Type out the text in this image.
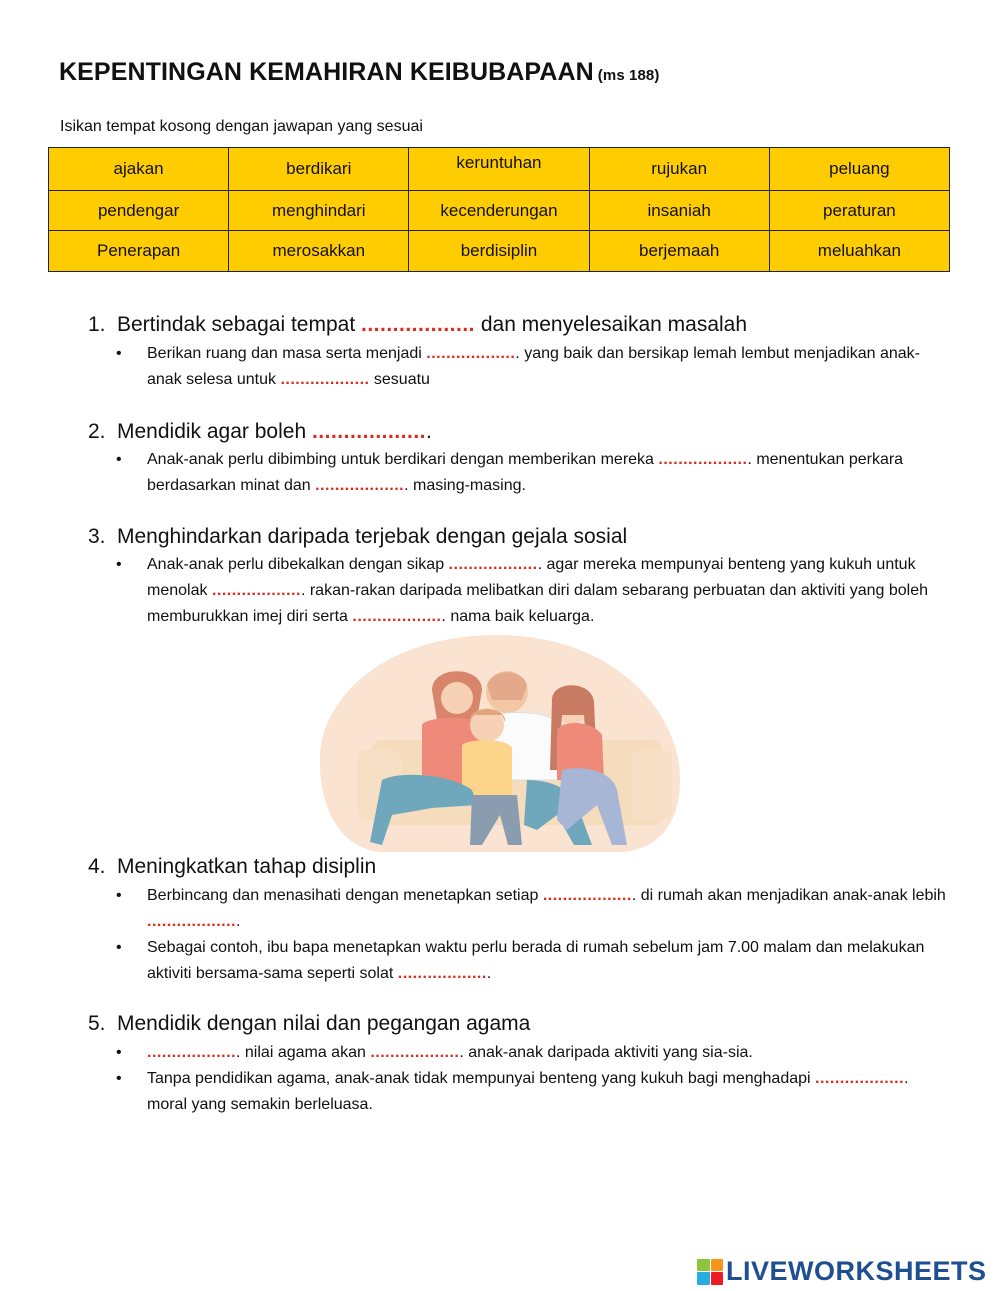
KEPENTINGAN KEMAHIRAN KEIBUBAPAAN (ms 188)
Isikan tempat kosong dengan jawapan yang sesuai
ajakan	berdikari	keruntuhan	rujukan	peluang
pendengar	menghindari	kecenderungan	insaniah	peraturan
Penerapan	merosakkan	berdisiplin	berjemaah	meluahkan
1. Bertindak sebagai tempat .................. dan menyelesaikan masalah
• Berikan ruang dan masa serta menjadi ................... yang baik dan bersikap lemah lembut menjadikan anak-anak selesa untuk .................. sesuatu
2. Mendidik agar boleh ...................
• Anak-anak perlu dibimbing untuk berdikari dengan memberikan mereka ................... menentukan perkara berdasarkan minat dan ................... masing-masing.
3. Menghindarkan daripada terjebak dengan gejala sosial
• Anak-anak perlu dibekalkan dengan sikap ................... agar mereka mempunyai benteng yang kukuh untuk menolak ................... rakan-rakan daripada melibatkan diri dalam sebarang perbuatan dan aktiviti yang boleh memburukkan imej diri serta ................... nama baik keluarga.
4. Meningkatkan tahap disiplin
• Berbincang dan menasihati dengan menetapkan setiap ................... di rumah akan menjadikan anak-anak lebih ...................
• Sebagai contoh, ibu bapa menetapkan waktu perlu berada di rumah sebelum jam 7.00 malam dan melakukan aktiviti bersama-sama seperti solat ...................
5. Mendidik dengan nilai dan pegangan agama
• ................... nilai agama akan ................... anak-anak daripada aktiviti yang sia-sia.
• Tanpa pendidikan agama, anak-anak tidak mempunyai benteng yang kukuh bagi menghadapi ................... moral yang semakin berleluasa.
LIVEWORKSHEETS
